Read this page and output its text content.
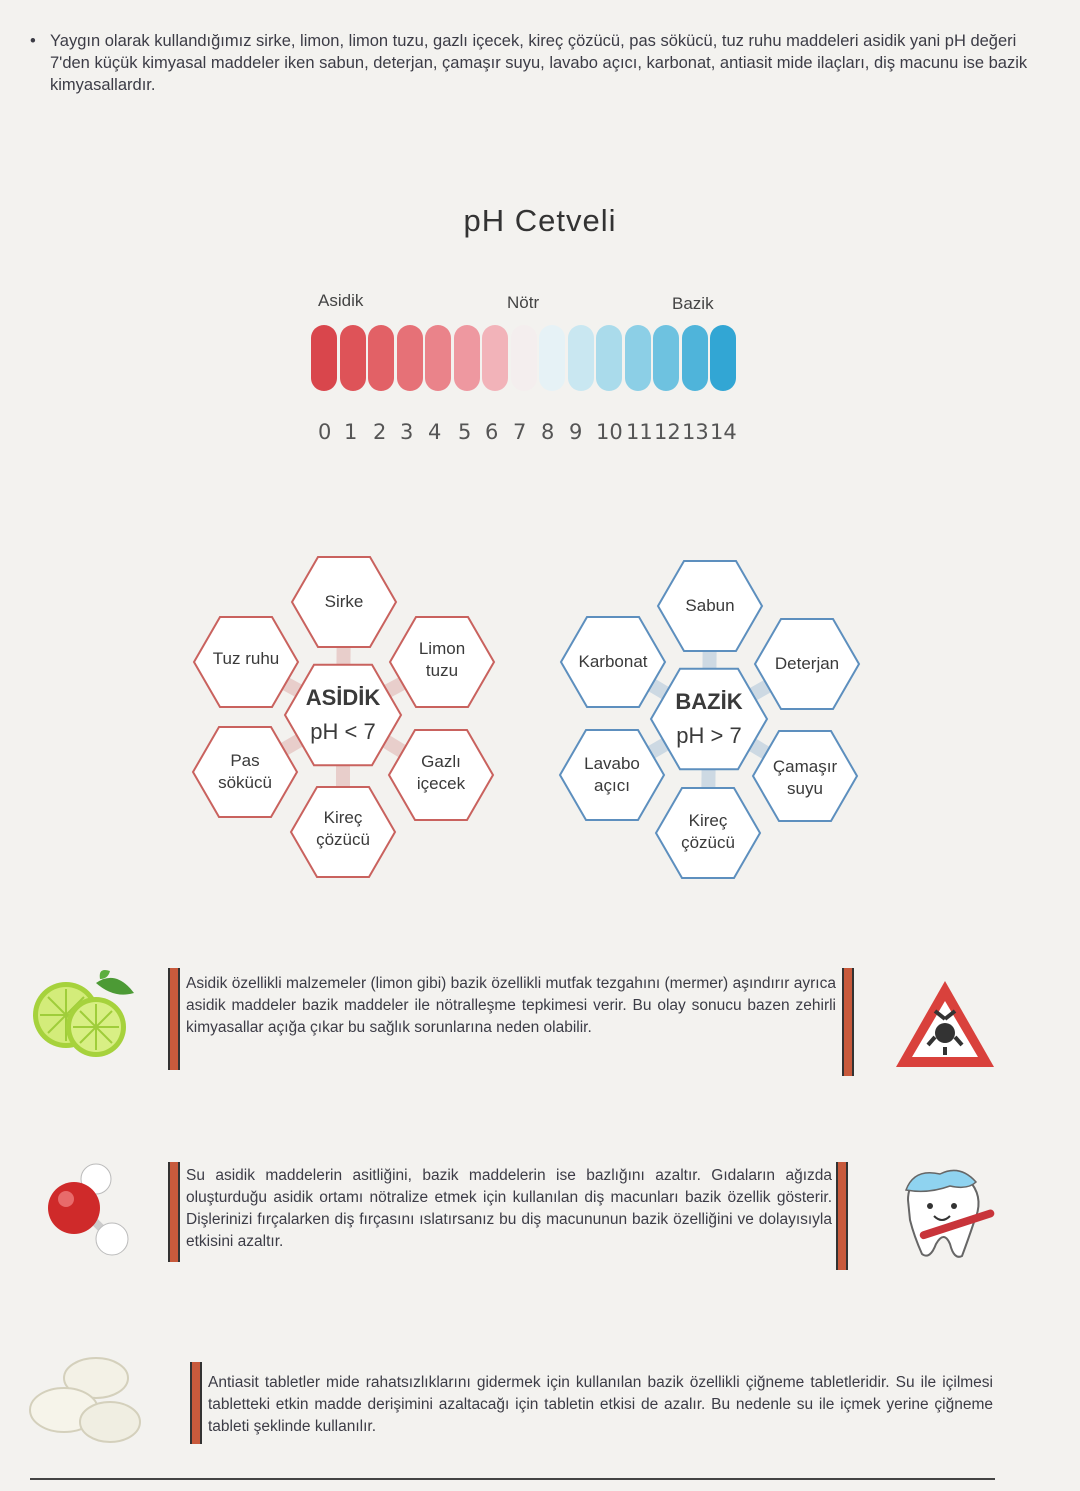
• Yaygın olarak kullandığımız sirke, limon, limon tuzu, gazlı içecek, kireç çözücü, pas sökücü, tuz ruhu maddeleri asidik yani pH değeri 7'den küçük kimyasal maddeler iken sabun, deterjan, çamaşır suyu, lavabo açıcı, karbonat, antiasit mide ilaçları, diş macunu ise bazik kimyasallardır.
pH Cetveli
Asidik	Nötr	Bazik
0 1 2 3 4 5 6 7 8 9 10 11 12 13 14
Sirke
Limon
tuzu
Gazlı
içecek
Kireç
çözücü
Pas
sökücü
Tuz ruhu
ASİDİK
pH < 7
Sabun
Deterjan
Çamaşır
suyu
Kireç
çözücü
Lavabo
açıcı
Karbonat
BAZİK
pH > 7
Asidik özellikli malzemeler (limon gibi) bazik özellikli mutfak tezgahını (mermer) aşındırır ayrıca asidik maddeler bazik maddeler ile nötralleşme tepkimesi verir. Bu olay sonucu bazen zehirli kimyasallar açığa çıkar bu sağlık sorunlarına neden olabilir.
Su asidik maddelerin asitliğini, bazik maddelerin ise bazlığını azaltır. Gıdaların ağızda oluşturduğu asidik ortamı nötralize etmek için kullanılan diş macunları bazik özellik gösterir. Dişlerinizi fırçalarken diş fırçasını ıslatırsanız bu diş macununun bazik özelliğini ve dolayısıyla etkisini azaltır.
Antiasit tabletler mide rahatsızlıklarını gidermek için kullanılan bazik özellikli çiğneme tabletleridir. Su ile içilmesi tabletteki etkin madde derişimini azaltacağı için tabletin etkisi de azalır. Bu nedenle su ile içmek yerine çiğneme tableti şeklinde kullanılır.
